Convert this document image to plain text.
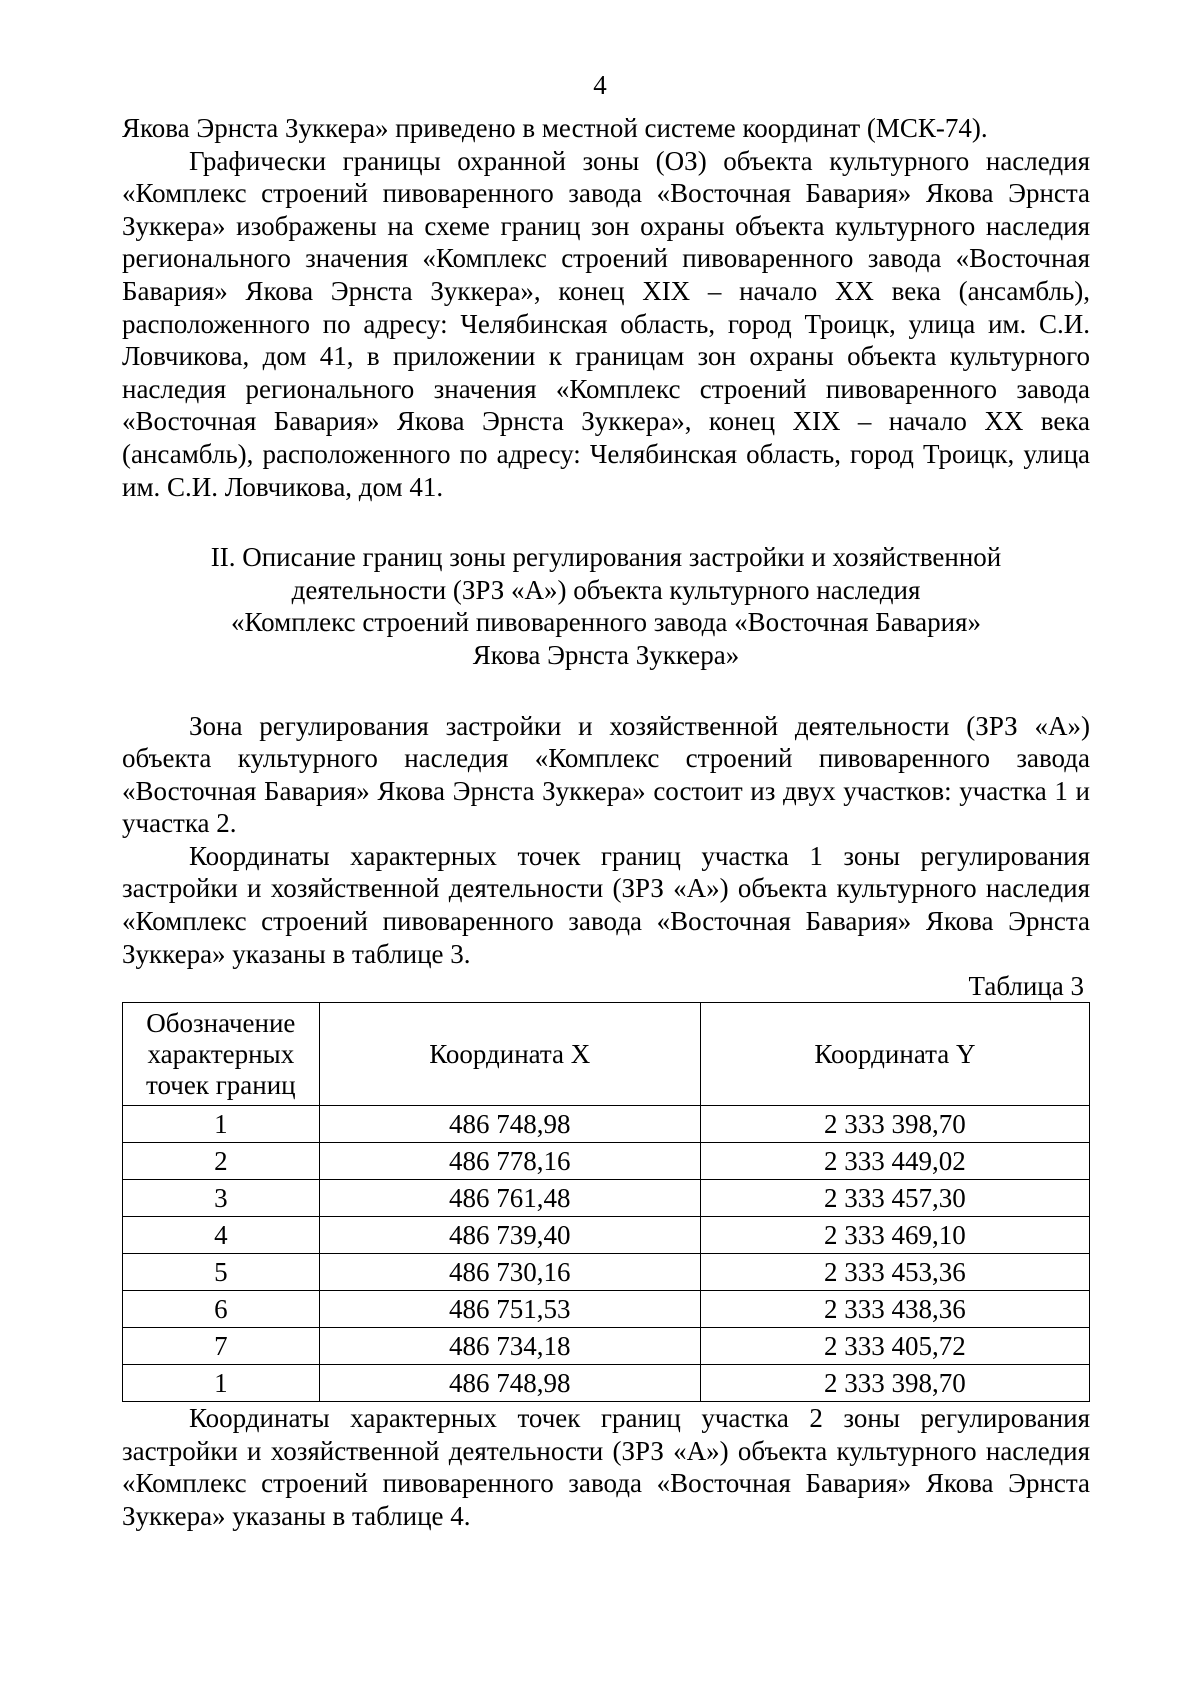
4

Якова Эрнста Зуккера» приведено в местной системе координат (МСК-74).

Графически границы охранной зоны (ОЗ) объекта культурного наследия «Комплекс строений пивоваренного завода «Восточная Бавария» Якова Эрнста Зуккера» изображены на схеме границ зон охраны объекта культурного наследия регионального значения «Комплекс строений пивоваренного завода «Восточная Бавария» Якова Эрнста Зуккера», конец XIX – начало XX века (ансамбль), расположенного по адресу: Челябинская область, город Троицк, улица им. С.И. Ловчикова, дом 41, в приложении к границам зон охраны объекта культурного наследия регионального значения «Комплекс строений пивоваренного завода «Восточная Бавария» Якова Эрнста Зуккера», конец XIX – начало XX века (ансамбль), расположенного по адресу: Челябинская область, город Троицк, улица им. С.И. Ловчикова, дом 41.

II. Описание границ зоны регулирования застройки и хозяйственной
деятельности (ЗРЗ «А») объекта культурного наследия
«Комплекс строений пивоваренного завода «Восточная Бавария»
Якова Эрнста Зуккера»

Зона регулирования застройки и хозяйственной деятельности (ЗРЗ «А») объекта культурного наследия «Комплекс строений пивоваренного завода «Восточная Бавария» Якова Эрнста Зуккера» состоит из двух участков: участка 1 и участка 2.

Координаты характерных точек границ участка 1 зоны регулирования застройки и хозяйственной деятельности (ЗРЗ «А») объекта культурного наследия «Комплекс строений пивоваренного завода «Восточная Бавария» Якова Эрнста Зуккера» указаны в таблице 3.

Таблица 3

Обозначение
характерных
точек границ	Координата X	Координата Y
1	486 748,98	2 333 398,70
2	486 778,16	2 333 449,02
3	486 761,48	2 333 457,30
4	486 739,40	2 333 469,10
5	486 730,16	2 333 453,36
6	486 751,53	2 333 438,36
7	486 734,18	2 333 405,72
1	486 748,98	2 333 398,70

Координаты характерных точек границ участка 2 зоны регулирования застройки и хозяйственной деятельности (ЗРЗ «А») объекта культурного наследия «Комплекс строений пивоваренного завода «Восточная Бавария» Якова Эрнста Зуккера» указаны в таблице 4.
